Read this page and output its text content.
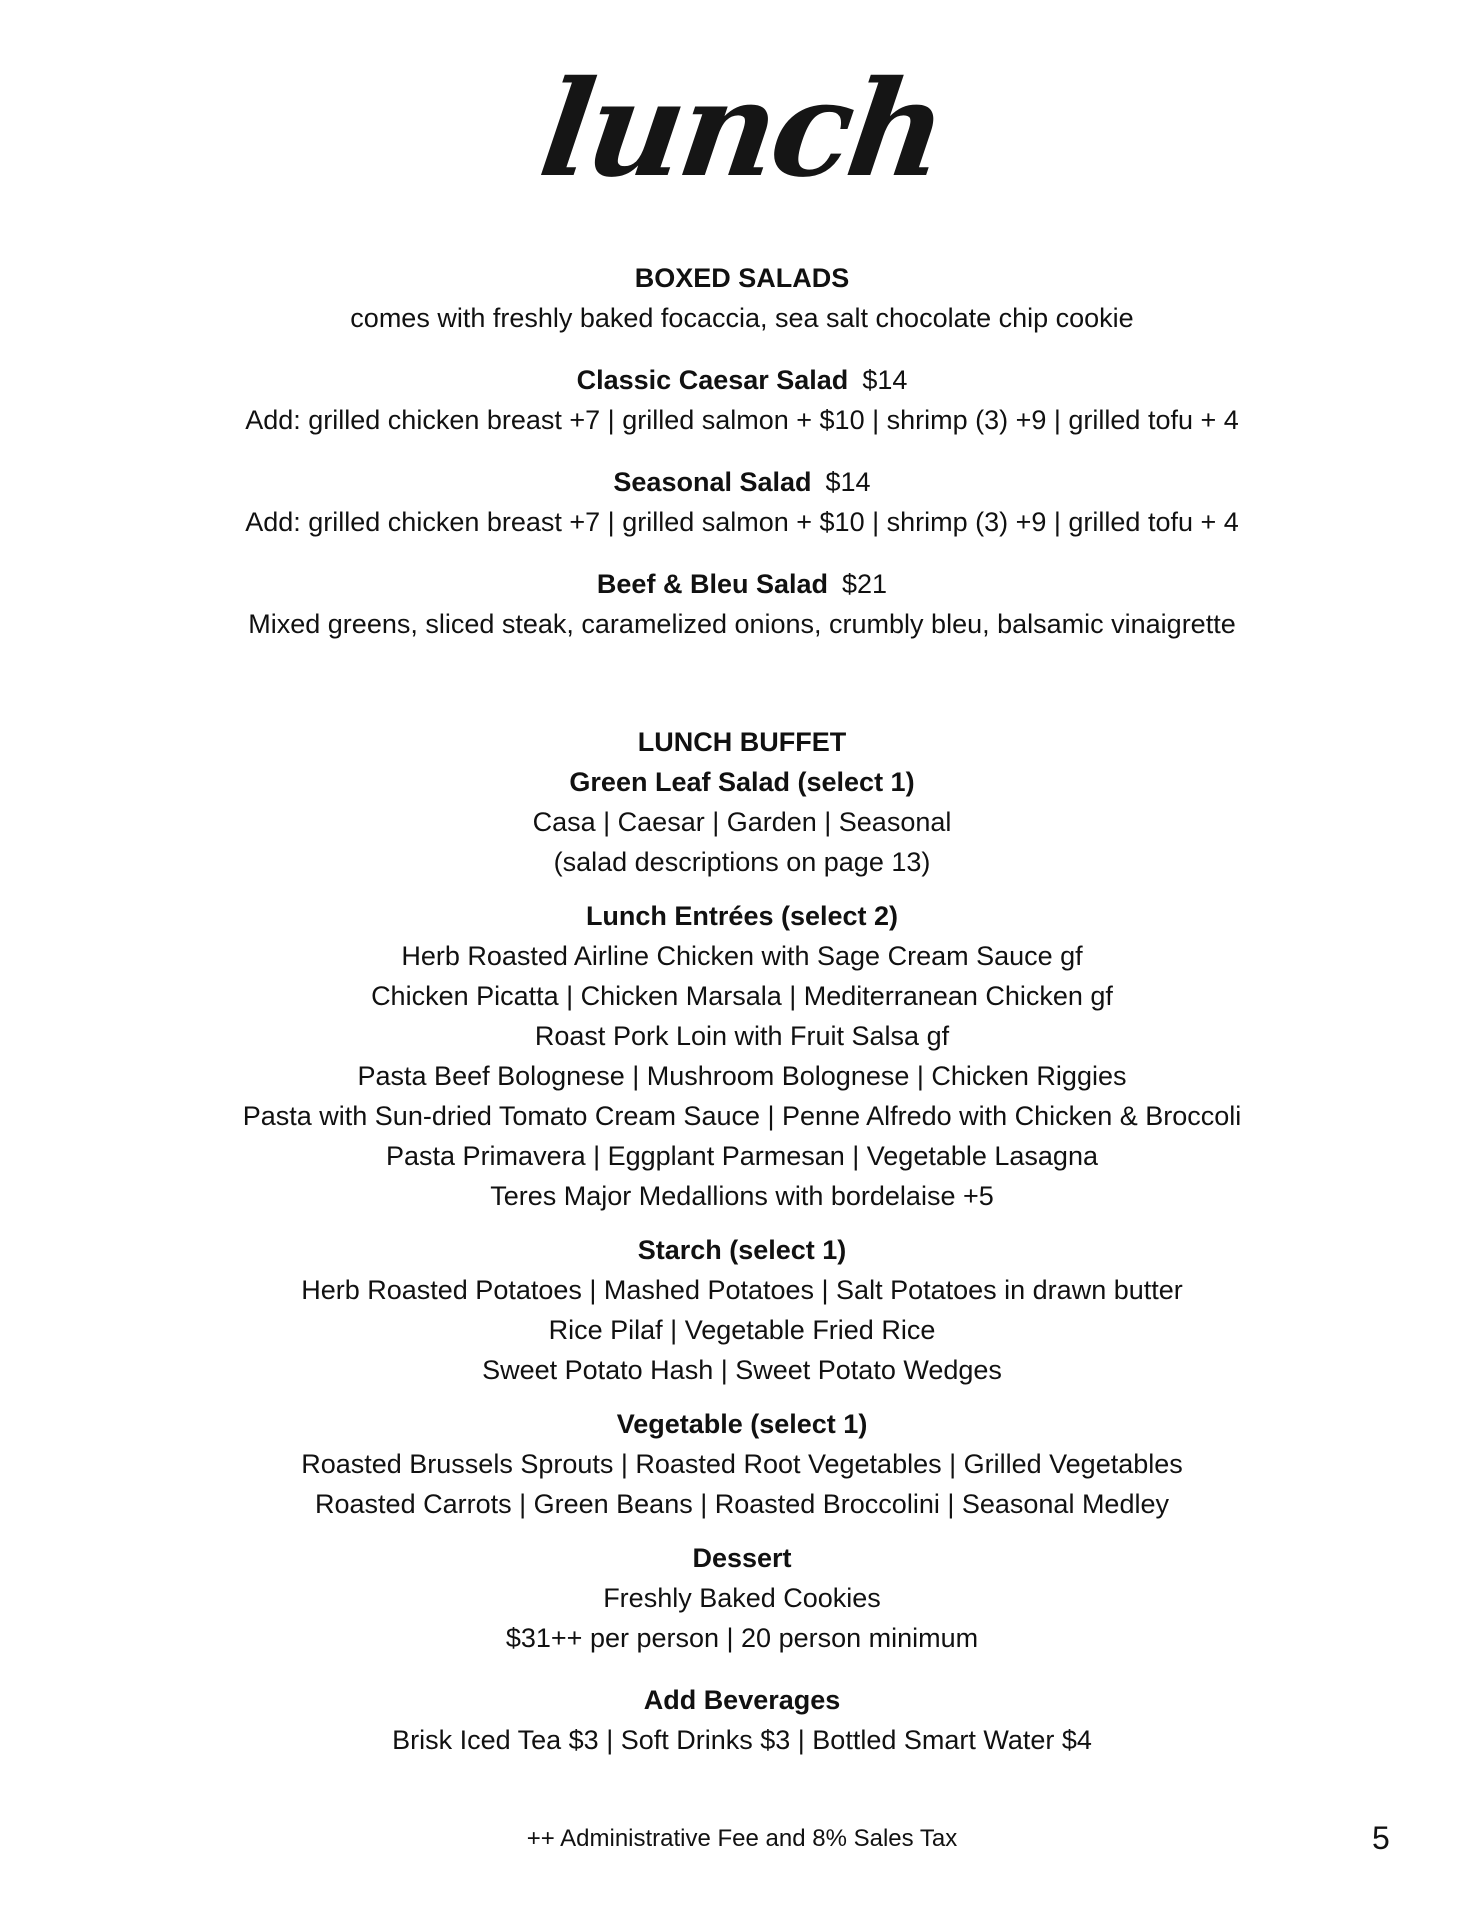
lunch
BOXED SALADS
comes with freshly baked focaccia, sea salt chocolate chip cookie
Classic Caesar Salad $14
Add: grilled chicken breast +7 | grilled salmon + $10 | shrimp (3) +9 | grilled tofu + 4
Seasonal Salad $14
Add: grilled chicken breast +7 | grilled salmon + $10 | shrimp (3) +9 | grilled tofu + 4
Beef & Bleu Salad $21
Mixed greens, sliced steak, caramelized onions, crumbly bleu, balsamic vinaigrette
LUNCH BUFFET
Green Leaf Salad (select 1)
Casa | Caesar | Garden | Seasonal
(salad descriptions on page 13)
Lunch Entrées (select 2)
Herb Roasted Airline Chicken with Sage Cream Sauce gf
Chicken Picatta | Chicken Marsala | Mediterranean Chicken gf
Roast Pork Loin with Fruit Salsa gf
Pasta Beef Bolognese | Mushroom Bolognese | Chicken Riggies
Pasta with Sun-dried Tomato Cream Sauce | Penne Alfredo with Chicken & Broccoli
Pasta Primavera | Eggplant Parmesan | Vegetable Lasagna
Teres Major Medallions with bordelaise +5
Starch (select 1)
Herb Roasted Potatoes | Mashed Potatoes | Salt Potatoes in drawn butter
Rice Pilaf | Vegetable Fried Rice
Sweet Potato Hash | Sweet Potato Wedges
Vegetable (select 1)
Roasted Brussels Sprouts | Roasted Root Vegetables | Grilled Vegetables
Roasted Carrots | Green Beans | Roasted Broccolini | Seasonal Medley
Dessert
Freshly Baked Cookies
$31++ per person | 20 person minimum
Add Beverages
Brisk Iced Tea $3 | Soft Drinks $3 | Bottled Smart Water $4
++ Administrative Fee and 8% Sales Tax	5
